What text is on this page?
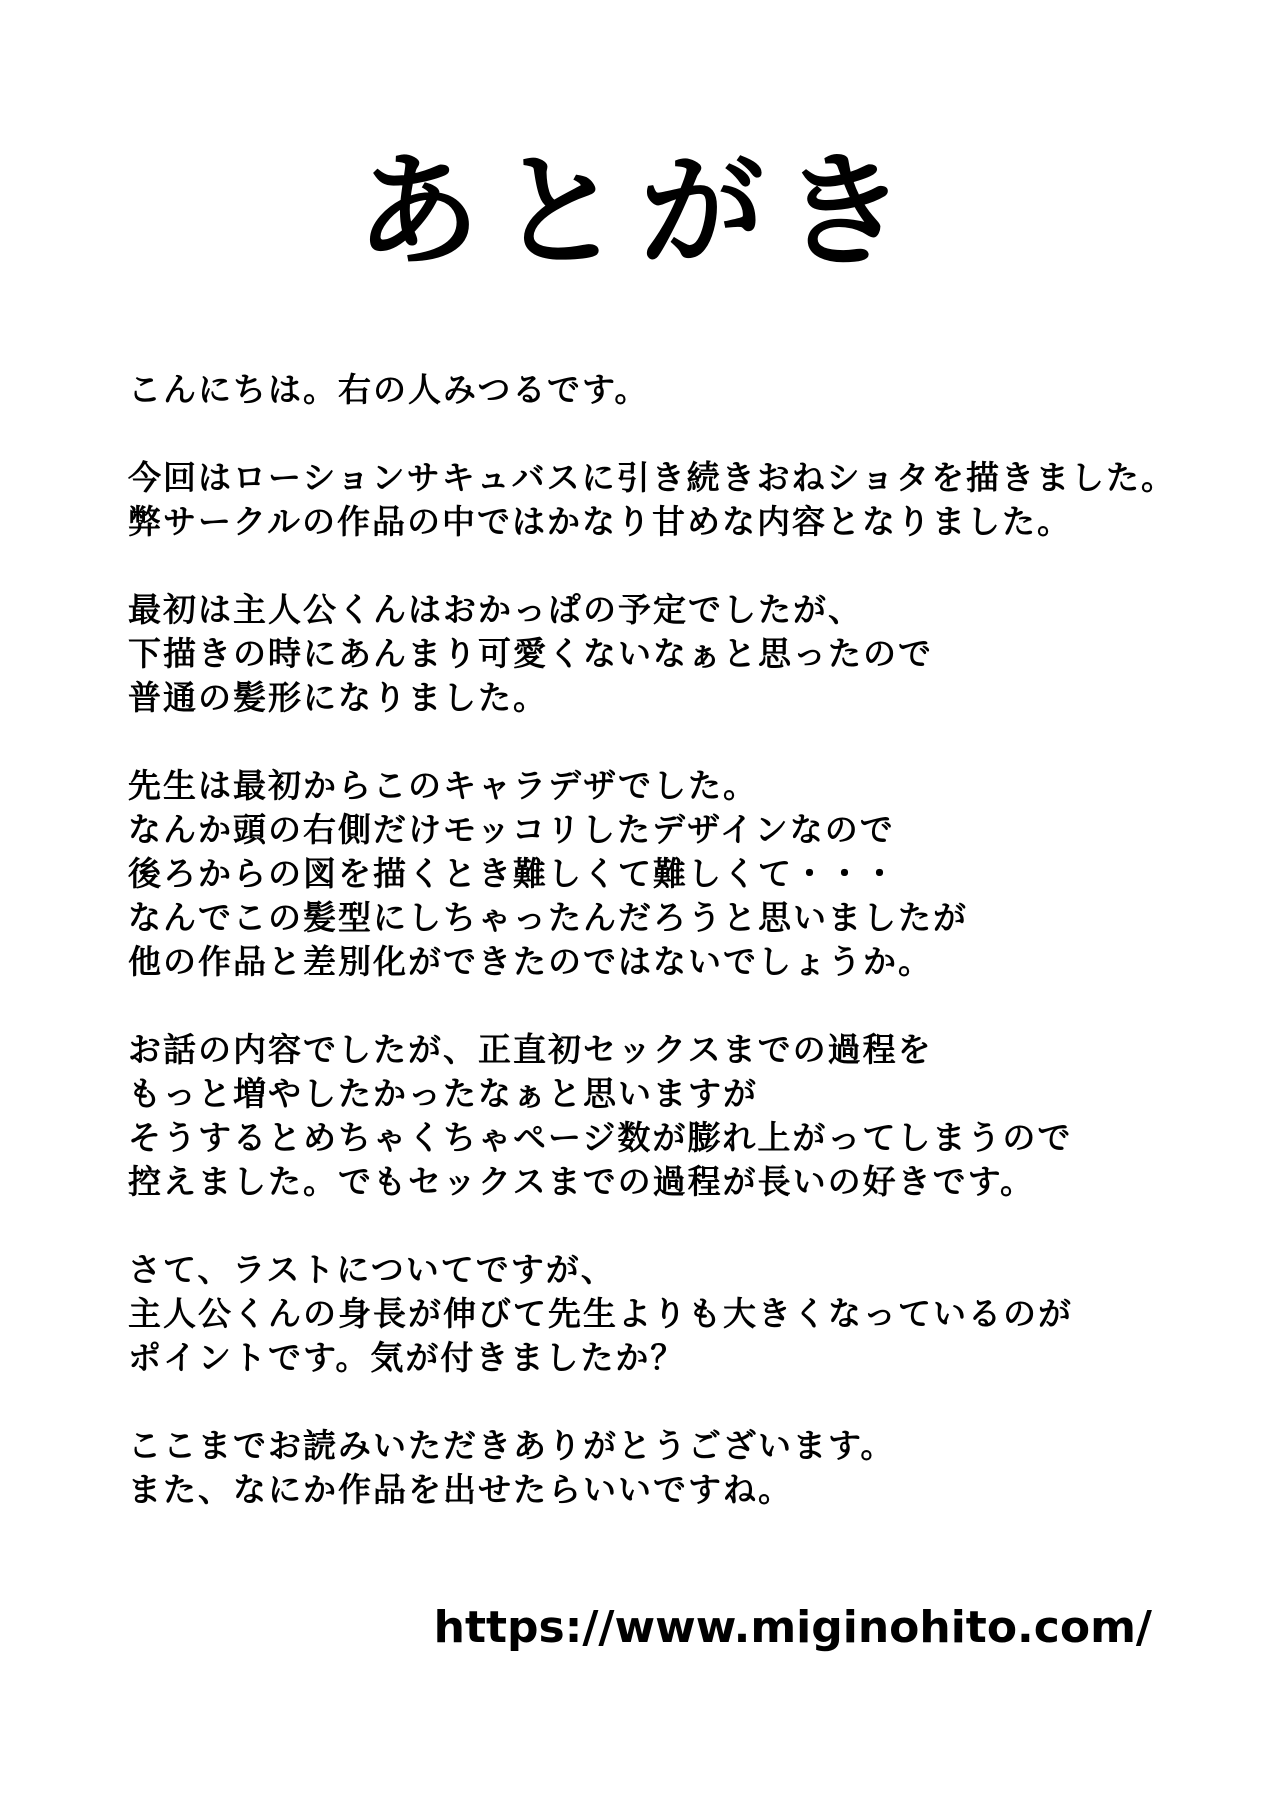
あとがき
こんにちは。右の人みつるです。
今回はローションサキュバスに引き続きおねショタを描きました。
弊サークルの作品の中ではかなり甘めな内容となりました。
最初は主人公くんはおかっぱの予定でしたが、
下描きの時にあんまり可愛くないなぁと思ったので
普通の髪形になりました。
先生は最初からこのキャラデザでした。
なんか頭の右側だけモッコリしたデザインなので
後ろからの図を描くとき難しくて難しくて・・・
なんでこの髪型にしちゃったんだろうと思いましたが
他の作品と差別化ができたのではないでしょうか。
お話の内容でしたが、正直初セックスまでの過程を
もっと増やしたかったなぁと思いますが
そうするとめちゃくちゃページ数が膨れ上がってしまうので
控えました。でもセックスまでの過程が長いの好きです。
さて、ラストについてですが、
主人公くんの身長が伸びて先生よりも大きくなっているのが
ポイントです。気が付きましたか？
ここまでお読みいただきありがとうございます。
また、なにか作品を出せたらいいですね。
https://www.miginohito.com/
